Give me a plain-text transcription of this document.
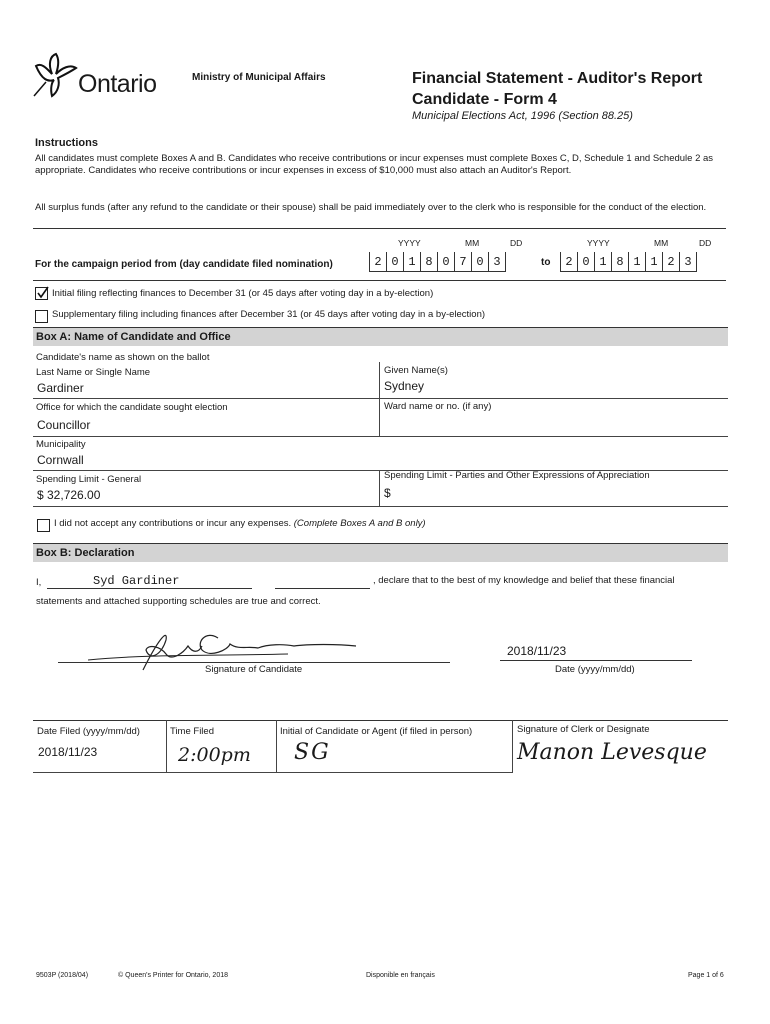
Ontario	Ministry of Municipal Affairs	Financial Statement - Auditor's Report
Candidate - Form 4
Municipal Elections Act, 1996 (Section 88.25)
Instructions
All candidates must complete Boxes A and B. Candidates who receive contributions or incur expenses must complete Boxes C, D, Schedule 1 and Schedule 2 as appropriate. Candidates who receive contributions or incur expenses in excess of $10,000 must also attach an Auditor's Report.
All surplus funds (after any refund to the candidate or their spouse) shall be paid immediately over to the clerk who is responsible for the conduct of the election.
YYYY	MM	DD	YYYY	MM	DD
For the campaign period from (day candidate filed nomination)	2 0 1 8 0 7 0 3	to	2 0 1 8 1 1 2 3
Initial filing reflecting finances to December 31 (or 45 days after voting day in a by-election)
Supplementary filing including finances after December 31 (or 45 days after voting day in a by-election)
Box A: Name of Candidate and Office
Candidate's name as shown on the ballot
Last Name or Single Name
Gardiner
Given Name(s)
Sydney
Office for which the candidate sought election
Councillor
Ward name or no. (if any)
Municipality
Cornwall
Spending Limit - General
$ 32,726.00
Spending Limit - Parties and Other Expressions of Appreciation
$
I did not accept any contributions or incur any expenses. (Complete Boxes A and B only)
Box B: Declaration
I,	Syd Gardiner	, declare that to the best of my knowledge and belief that these financial
statements and attached supporting schedules are true and correct.
Signature of Candidate
2018/11/23
Date (yyyy/mm/dd)
Date Filed (yyyy/mm/dd)
2018/11/23
Time Filed
2:00pm
Initial of Candidate or Agent (if filed in person)
SG
Signature of Clerk or Designate
Manon Levesque
9503P (2018/04)	© Queen's Printer for Ontario, 2018	Disponible en français	Page 1 of 6
